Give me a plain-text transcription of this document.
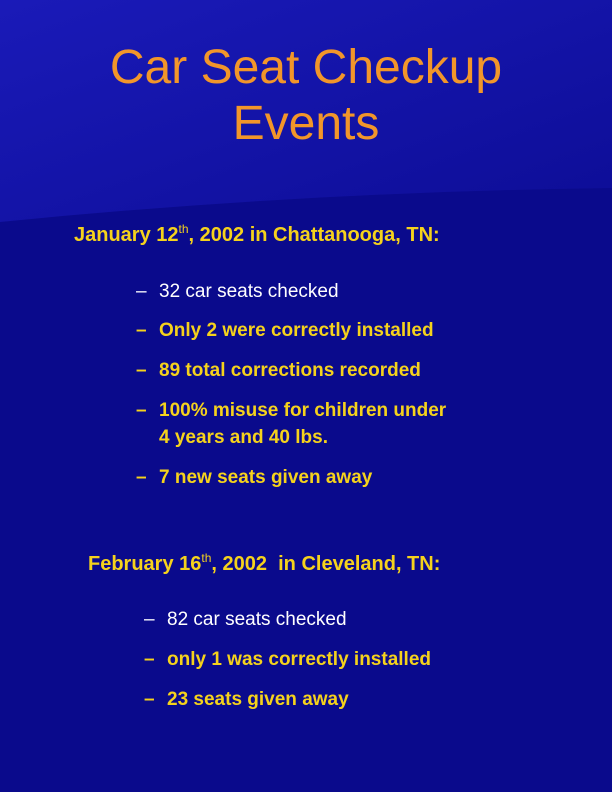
Car Seat Checkup
Events
January 12th, 2002 in Chattanooga, TN:
– 32 car seats checked
– Only 2 were correctly installed
– 89 total corrections recorded
– 100% misuse for children under
4 years and 40 lbs.
– 7 new seats given away
February 16th, 2002  in Cleveland, TN:
– 82 car seats checked
– only 1 was correctly installed
– 23 seats given away
